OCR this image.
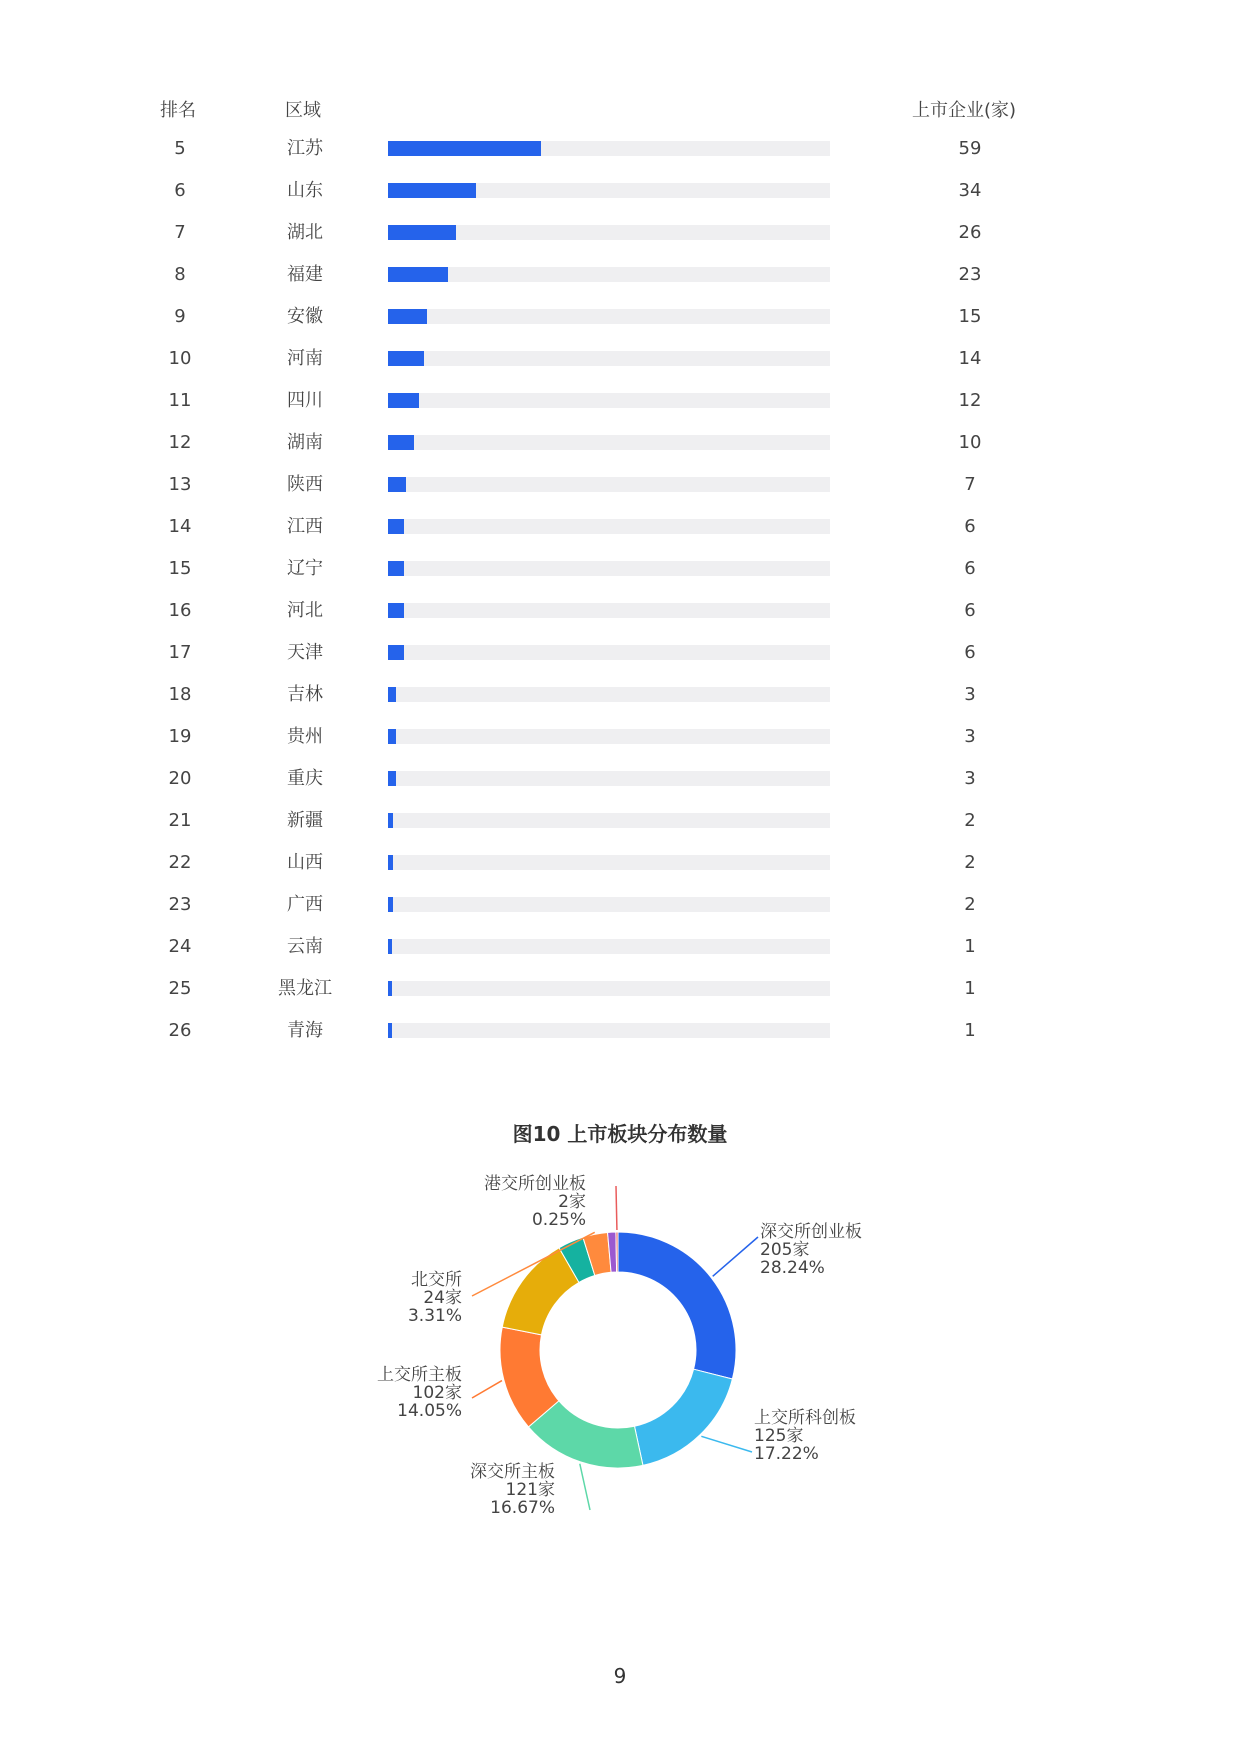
排名	区域	上市企业(家)
5	江苏	59
6	山东	34
7	湖北	26
8	福建	23
9	安徽	15
10	河南	14
11	四川	12
12	湖南	10
13	陕西	7
14	江西	6
15	辽宁	6
16	河北	6
17	天津	6
18	吉林	3
19	贵州	3
20	重庆	3
21	新疆	2
22	山西	2
23	广西	2
24	云南	1
25	黑龙江	1
26	青海	1
图10 上市板块分布数量
深交所创业板 205家 28.24%
上交所科创板 125家 17.22%
深交所主板 121家 16.67%
上交所主板 102家 14.05%
北交所 24家 3.31%
港交所创业板 2家 0.25%
9
